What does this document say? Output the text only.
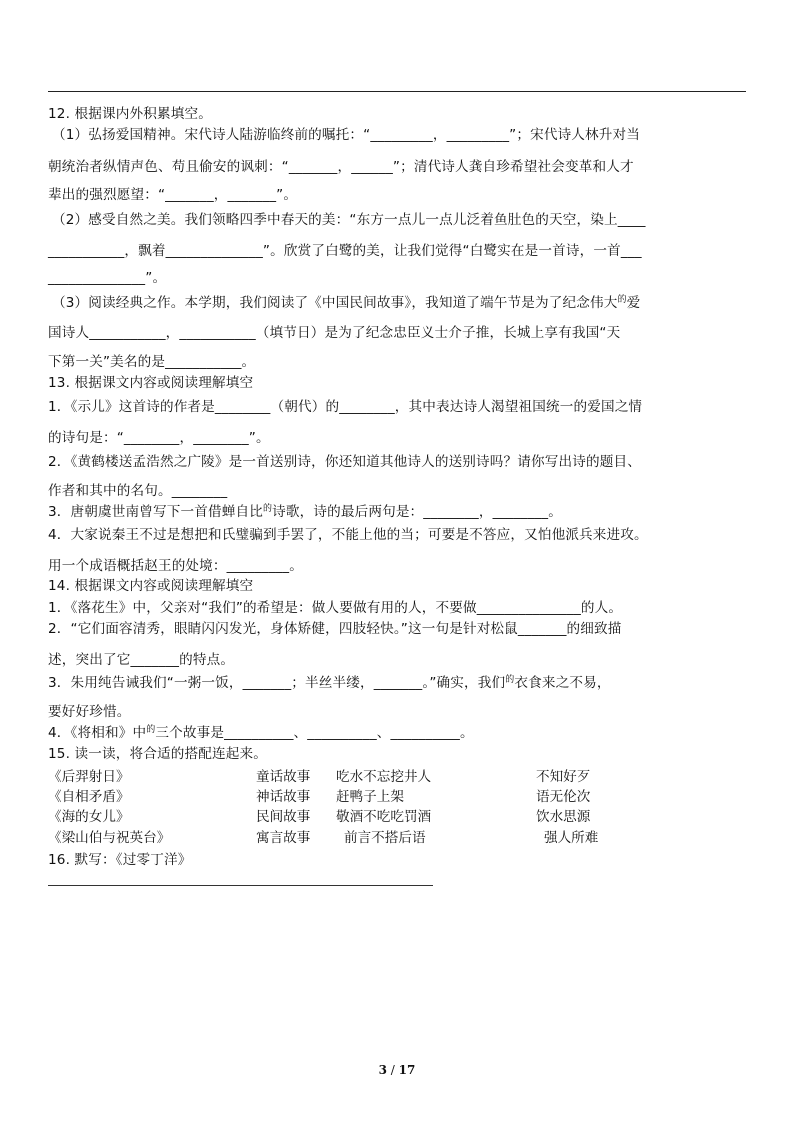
12. 根据课内外积累填空。
（1）弘扬爱国精神。宋代诗人陆游临终前的嘱托：“_________，_________”；宋代诗人林升对当
朝统治者纵情声色、苟且偷安的讽刺：“_______，______”；清代诗人龚自珍希望社会变革和人才
辈出的强烈愿望：“_______，_______”。
（2）感受自然之美。我们领略四季中春天的美：“东方一点儿一点儿泛着鱼肚色的天空，染上____
___________，飘着______________”。欣赏了白鹭的美，让我们觉得“白鹭实在是一首诗，一首___
______________”。
（3）阅读经典之作。本学期，我们阅读了《中国民间故事》，我知道了端午节是为了纪念伟大$^的$爱
国诗人___________，___________（填节日）是为了纪念忠臣义士介子推，长城上享有我国“天
下第一关”美名的是___________。
13. 根据课文内容或阅读理解填空
1．《示儿》这首诗的作者是________（朝代）的________，其中表达诗人渴望祖国统一的爱国之情
的诗句是：“________，________”。
2．《黄鹤楼送孟浩然之广陵》是一首送别诗，你还知道其他诗人的送别诗吗？请你写出诗的题目、
作者和其中的名句。________
3．唐朝虞世南曾写下一首借蝉自比$^的$诗歌，诗的最后两句是：________，________。
4．大家说秦王不过是想把和氏璧骗到手罢了，不能上他的当；可要是不答应，又怕他派兵来进攻。
用一个成语概括赵王的处境：_________。
14. 根据课文内容或阅读理解填空
1．《落花生》中，父亲对“我们”的希望是：做人要做有用的人，不要做_______________的人。
2．“它们面容清秀，眼睛闪闪发光，身体矫健，四肢轻快。”这一句是针对松鼠_______的细致描
述，突出了它_______的特点。
3．朱用纯告诫我们“一粥一饭，_______；半丝半缕，_______。”确实，我们$^的$衣食来之不易，
要好好珍惜。
4．《将相和》中$^的$三个故事是__________、__________、__________。
15. 读一读，将合适的搭配连起来。
《后羿射日》
《自相矛盾》
《海的女儿》
《梁山伯与祝英台》
童话故事
神话故事
民间故事
寓言故事
吃水不忘挖井人
赶鸭子上架
敬酒不吃吃罚酒
前言不搭后语
不知好歹
语无伦次
饮水思源
强人所难
16. 默写：《过零丁洋》
3 / 17
